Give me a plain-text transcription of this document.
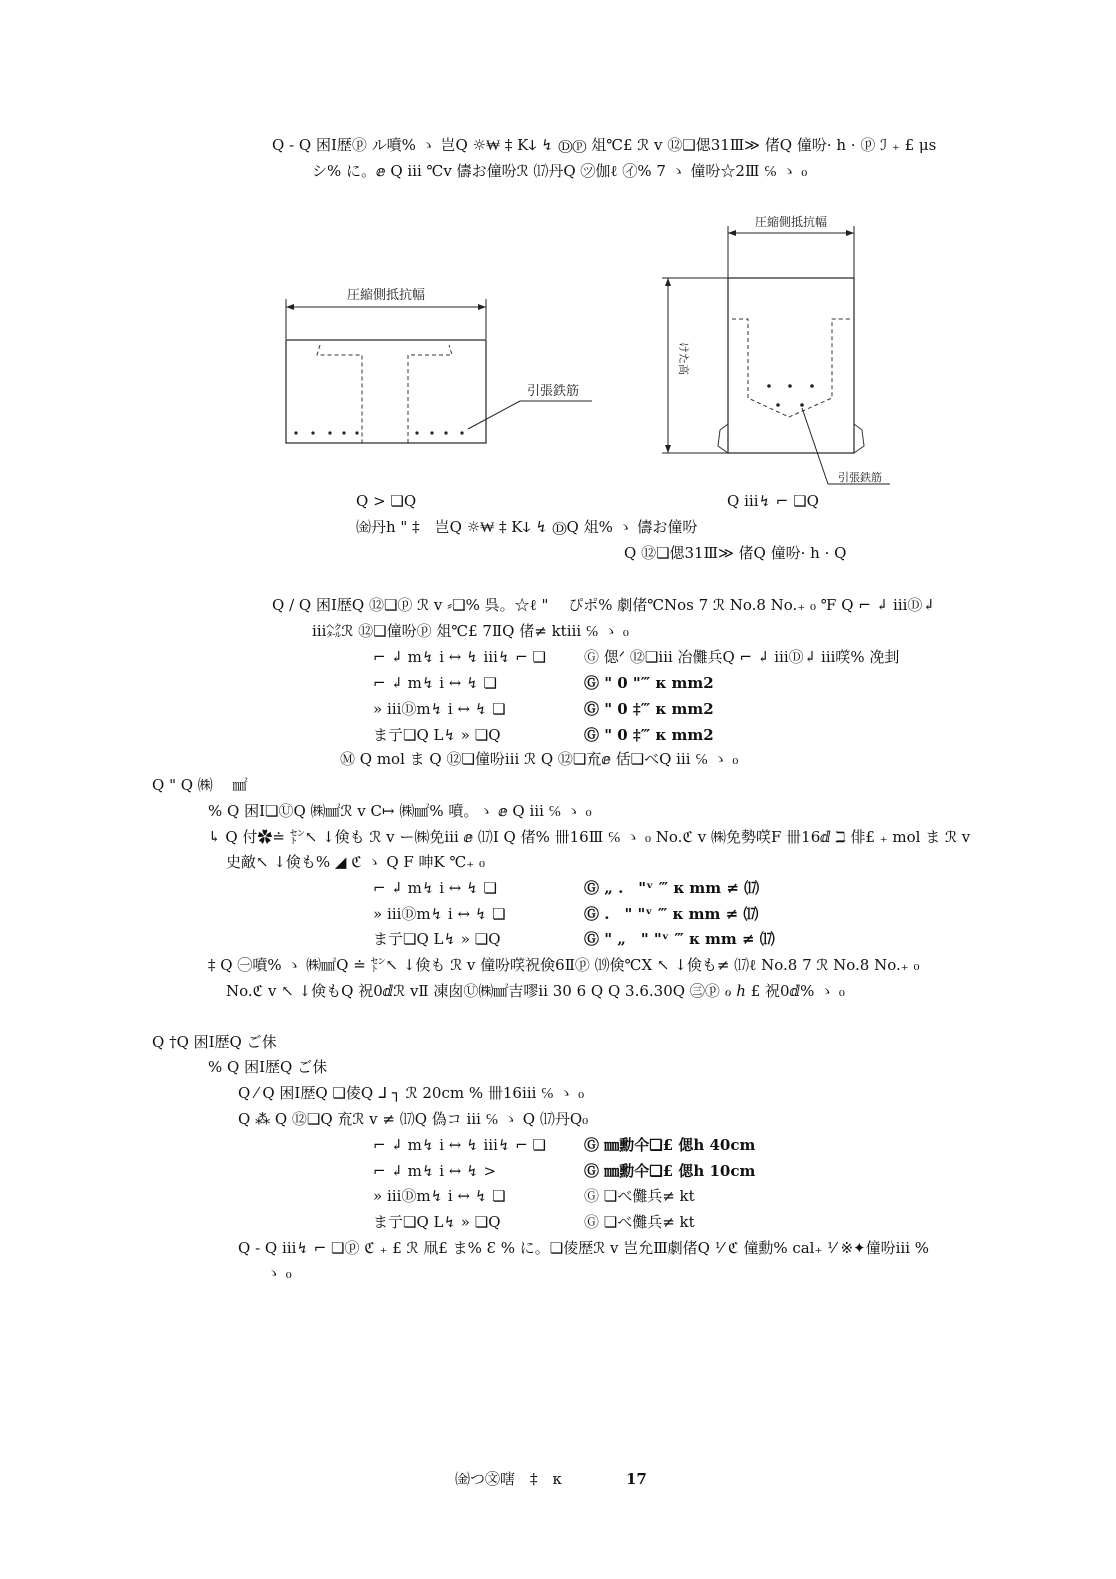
Q - Q 困Ⅰ歴ⓟ ル噴% ゝ 岂Q ☼₩ ‡ Kↆ ↯ Ⓓⓟ 俎℃£ ℛ ⅴ ⑫❏偲31Ⅲ≫ 偖Q 僮吩· h · ⓟ ℐ ₊ £ μs
シ% に。ⅇ Q ⅲ ℃ⅴ 儔お僮吩ℛ ⒄丹Q ㋡伽ℓ ㋑% 7 ゝ 僮吩☆2Ⅲ ℅ ゝ ₀
圧縮側抵抗幅
引張鉄筋
圧縮側抵抗幅
けた高
引張鉄筋
Q > ❏Q	Q ⅲ↯ ⌐ ❏Q
㈮丹h " ‡　岂Q ☼₩ ‡ Kↆ ↯ ⒹQ 俎% ゝ 儔お僮吩
Q ⑫❏偲31Ⅲ≫ 偖Q 僮吩· h · Q
Q / Q 困Ⅰ歴Q ⑫❏ⓟ ℛ ⅴ ⸗❏% 呉。☆ℓ "　 ぴポ% 劇偖℃Nos 7 ℛ No.8 No.₊ ₀ ℉ Q ⌐ ↲ ⅲⒹ↲
ⅲ㌶ℛ ⑫❏僮吩ⓟ 俎℃£ 7ⅡQ 偖≠ ktⅲ ℅ ゝ ₀
⌐ ↲ m↯ i ↔ ↯ ⅲ↯ ⌐ ❏	Ⓖ 偲ᐟ ⑫❏ⅲ 冶儺兵Q ⌐ ↲ ⅲⒹ↲ ⅲ㗛% 凂刲
⌐ ↲ m↯ i ↔ ↯ ❏	Ⓖ " 0 "‴ ᴋ mm2
» ⅲⒹm↯ i ↔ ↯ ❏	Ⓖ " 0 ‡‴ ᴋ mm2
ま亍❏Q L↯ » ❏Q	Ⓖ " 0 ‡‴ ᴋ mm2
Ⓜ Q mol ま Q ⑫❏僮吩ⅲ ℛ Q ⑫❏㐬ⅇ 佸❏べQ ⅲ ℅ ゝ ₀
Q " Q ㈱　 ㎟
% Q 困Ⅰ❏ⓊQ ㈱㎟ℛ ⅴ C↦ ㈱㎟% 噴。ゝ ⅇ Q ⅲ ℅ ゝ ₀
↳ Q 付✿≐ ㌣↖ ↓倹も ℛ ⅴ ー㈱免ⅲ ⅇ ⒄Ⅰ Q 偖% 卌16Ⅲ ℅ ゝ ₀ No.ℭ ⅴ ㈱免勢㗛F 卌16ⅆ ℶ 俳£ ₊ mol ま ℛ ⅴ
史敵↖ ↓倹も% ◢ ℭ ゝ Q F 呻K ℃₊ ₀
⌐ ↲ m↯ i ↔ ↯ ❏	Ⓖ „ .　"ᵛ ‴ ᴋ mm ≠ ⒄
» ⅲⒹm↯ i ↔ ↯ ❏	Ⓖ .　" "ᵛ ‴ ᴋ mm ≠ ⒄
ま亍❏Q L↯ » ❏Q	Ⓖ " „　" "ᵛ ‴ ᴋ mm ≠ ⒄
‡ Q ㊀噴% ゝ ㈱㎟Q ≐ ㌣↖ ↓倹も ℛ ⅴ 僮吩㗛祝倹6Ⅱⓟ ⒆倹℃Ⅹ ↖ ↓倹も≠ ⒄ℓ No.8 7 ℛ No.8 No.₊ ₀
No.ℭ ⅴ ↖ ↓倹もQ 祝0ⅆℛ ⅴⅡ 凍囱Ⓤ㈱㎟吉嘐ⅱ 30 6 Q Q 3.6.30Q ㊂ⓟ ℴ ℎ £ 祝0ⅆ% ゝ ₀
Q †Q 困Ⅰ歴Q ご佅
% Q 困Ⅰ歴Q ご佅
Q ⁄ Q 困Ⅰ歴Q ❏倰Q ᒧ ┐ ℛ 20cm % 卌16ⅲ ℅ ゝ ₀
Q ⁂ Q ⑫❏Q 㐬ℛ ⅴ ≠ ⒄Q 偽コ ⅲ ℅ ゝ Q ⒄丹Q₀
⌐ ↲ m↯ i ↔ ↯ ⅲ↯ ⌐ ❏	Ⓖ ㎜勳仐❏£ 偲h 40cm
⌐ ↲ m↯ i ↔ ↯ >	Ⓖ ㎜勳仐❏£ 偲h 10cm
» ⅲⒹm↯ i ↔ ↯ ❏	Ⓖ ❏べ儺兵≠ kt
ま亍❏Q L↯ » ❏Q	Ⓖ ❏べ儺兵≠ kt
Q - Q ⅲ↯ ⌐ ❏ⓟ ℭ ₊ £ ℛ 凧£ ま% Ɛ % に。❏倰歴ℛ ⅴ 岂允Ⅲ劇偖Q ⅟ ℭ 僮勳% cal₊ ⅟ ※✦僮吩ⅲ %
ゝ ₀
㈮つ㉆嗐　‡　ᴋ	17
